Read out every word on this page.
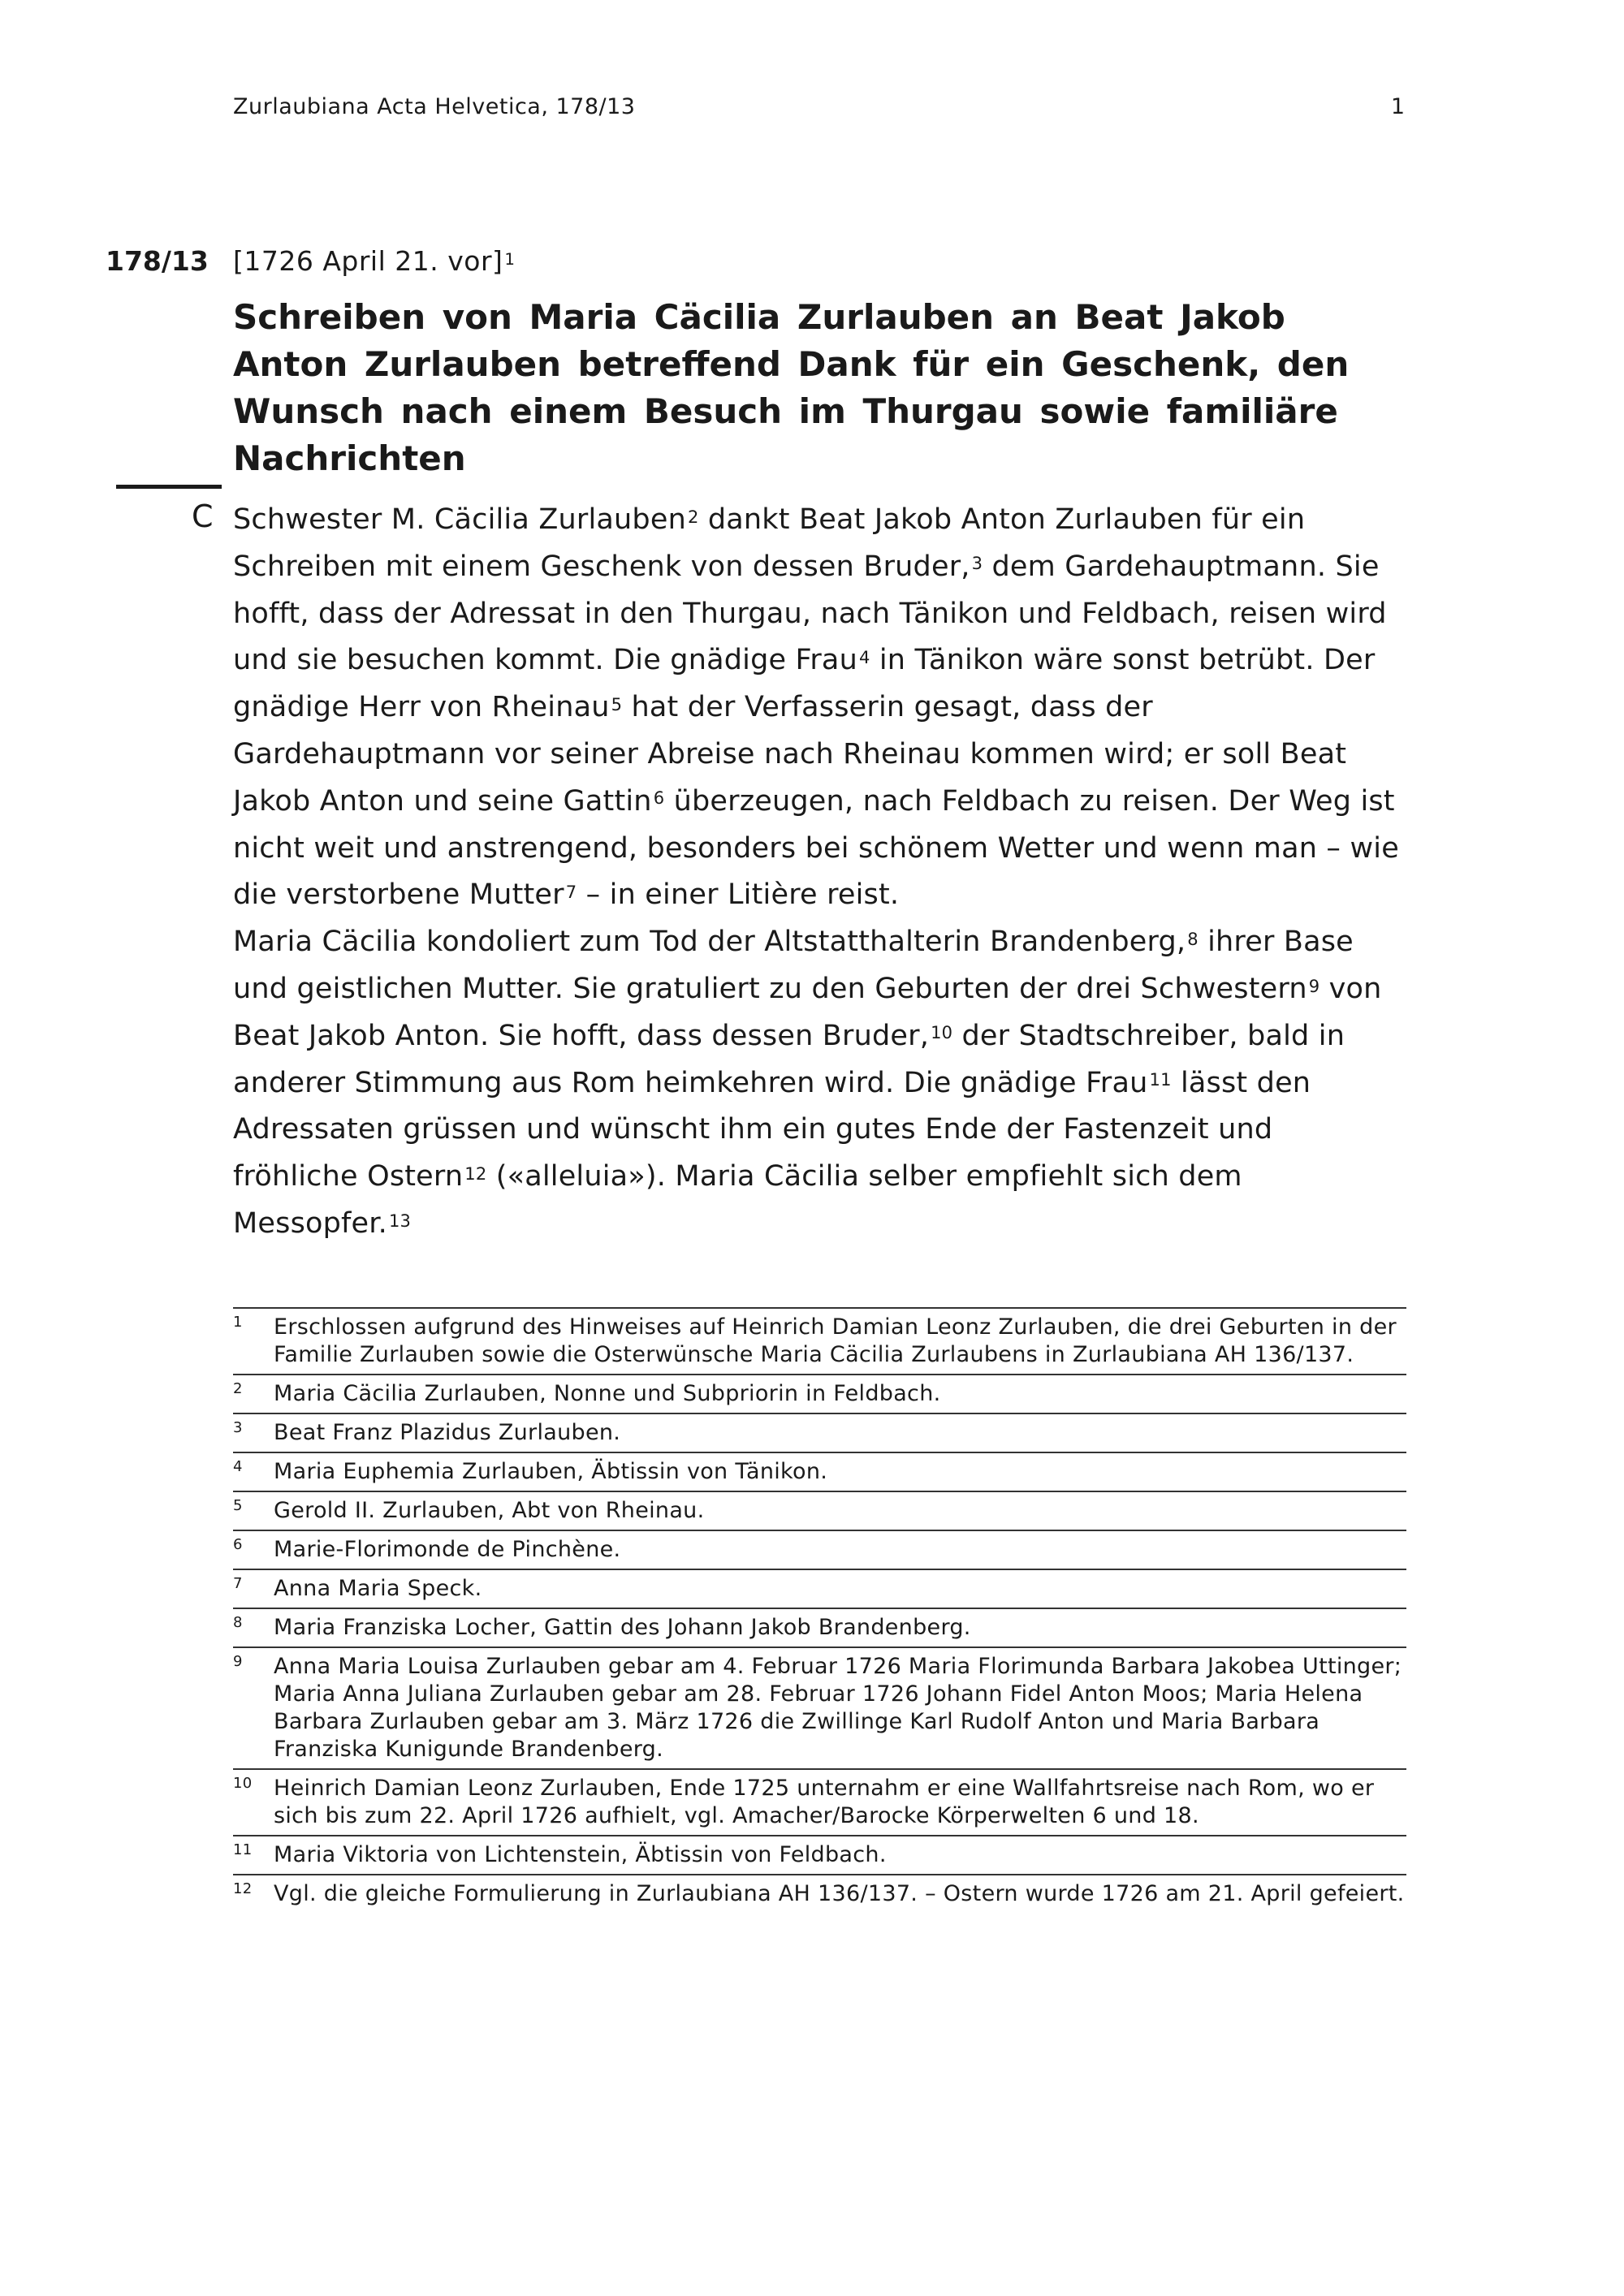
Zurlaubiana Acta Helvetica, 178/13	1
178/13 [1726 April 21. vor] $^1$
Schreiben von Maria Cäcilia Zurlauben an Beat Jakob Anton Zurlauben betreffend Dank für ein Geschenk, den Wunsch nach einem Besuch im Thurgau sowie familiäre Nachrichten
C Schwester M. Cäcilia Zurlauben$^2$ dankt Beat Jakob Anton Zurlauben für ein Schreiben mit einem Geschenk von dessen Bruder,$^3$ dem Gardehauptmann. Sie hofft, dass der Adressat in den Thurgau, nach Tänikon und Feldbach, reisen wird und sie besuchen kommt. Die gnädige Frau$^4$ in Tänikon wäre sonst betrübt. Der gnädige Herr von Rheinau$^5$ hat der Verfasserin gesagt, dass der Gardehauptmann vor seiner Abreise nach Rheinau kommen wird; er soll Beat Jakob Anton und seine Gattin$^6$ überzeugen, nach Feldbach zu reisen. Der Weg ist nicht weit und anstrengend, besonders bei schönem Wetter und wenn man – wie die verstorbene Mutter$^7$ – in einer Litière reist.

Maria Cäcilia kondoliert zum Tod der Altstatthalterin Brandenberg,$^8$ ihrer Base und geistlichen Mutter. Sie gratuliert zu den Geburten der drei Schwestern$^9$ von Beat Jakob Anton. Sie hofft, dass dessen Bruder,$^{10}$ der Stadtschreiber, bald in anderer Stimmung aus Rom heimkehren wird. Die gnädige Frau$^{11}$ lässt den Adressaten grüssen und wünscht ihm ein gutes Ende der Fastenzeit und fröhliche Ostern$^{12}$ («alleluia»). Maria Cäcilia selber empfiehlt sich dem Messopfer.$^{13}$

1	Erschlossen aufgrund des Hinweises auf Heinrich Damian Leonz Zurlauben, die drei Geburten in der Familie Zurlauben sowie die Osterwünsche Maria Cäcilia Zurlaubens in Zurlaubiana AH 136/137.
2	Maria Cäcilia Zurlauben, Nonne und Subpriorin in Feldbach.
3	Beat Franz Plazidus Zurlauben.
4	Maria Euphemia Zurlauben, Äbtissin von Tänikon.
5	Gerold II. Zurlauben, Abt von Rheinau.
6	Marie-Florimonde de Pinchène.
7	Anna Maria Speck.
8	Maria Franziska Locher, Gattin des Johann Jakob Brandenberg.
9	Anna Maria Louisa Zurlauben gebar am 4. Februar 1726 Maria Florimunda Barbara Jakobea Uttinger; Maria Anna Juliana Zurlauben gebar am 28. Februar 1726 Johann Fidel Anton Moos; Maria Helena Barbara Zurlauben gebar am 3. März 1726 die Zwillinge Karl Rudolf Anton und Maria Barbara Franziska Kunigunde Brandenberg.
10 Heinrich Damian Leonz Zurlauben, Ende 1725 unternahm er eine Wallfahrtsreise nach Rom, wo er sich bis zum 22. April 1726 aufhielt, vgl. Amacher/Barocke Körperwelten 6 und 18.
11 Maria Viktoria von Lichtenstein, Äbtissin von Feldbach.
12 Vgl. die gleiche Formulierung in Zurlaubiana AH 136/137. – Ostern wurde 1726 am 21. April gefeiert.
